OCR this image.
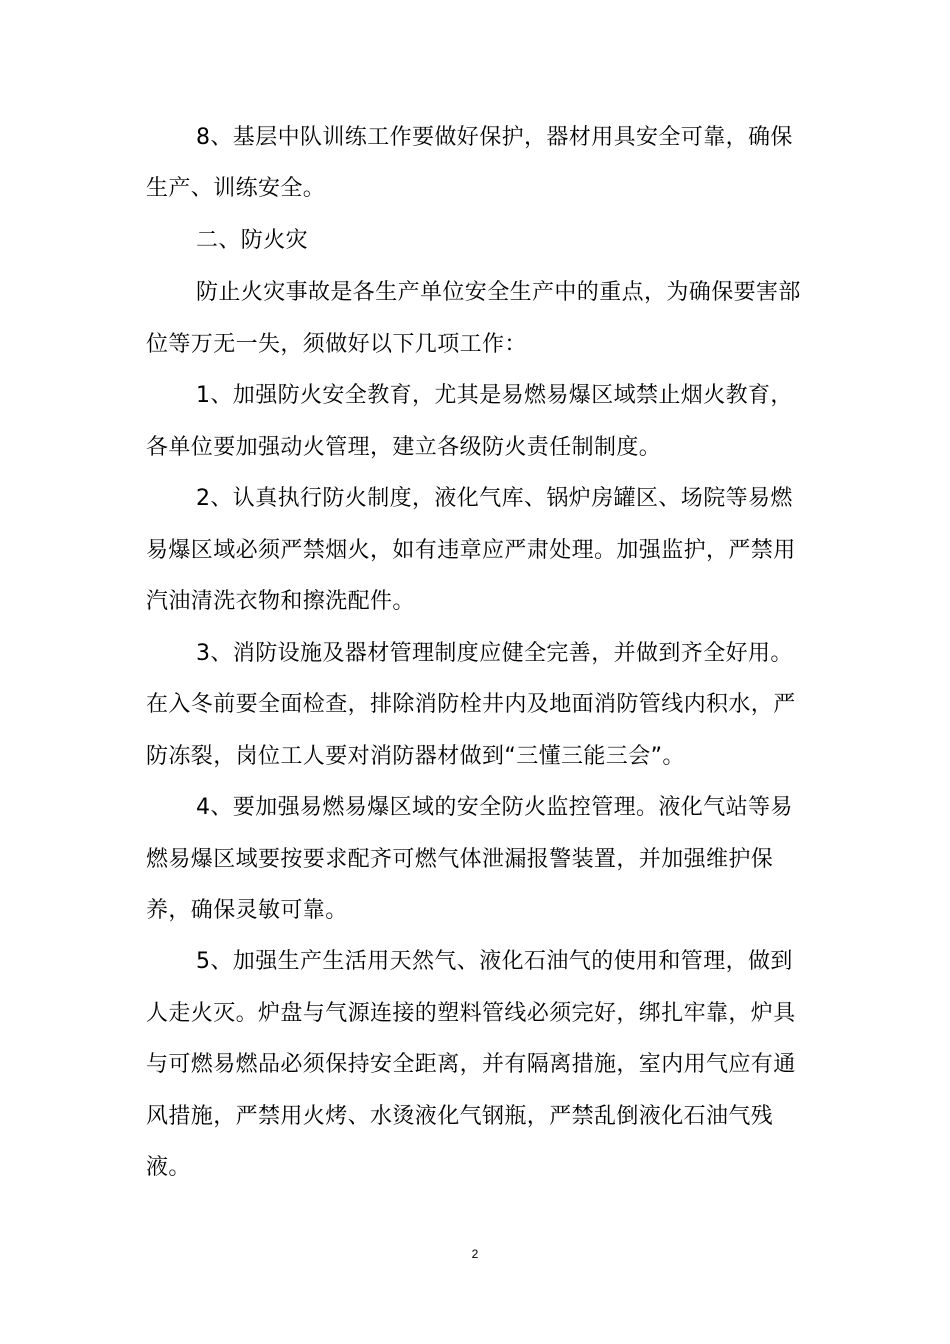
8、基层中队训练工作要做好保护，器材用具安全可靠，确保
生产、训练安全。
二、防火灾
防止火灾事故是各生产单位安全生产中的重点，为确保要害部
位等万无一失，须做好以下几项工作：
1、加强防火安全教育，尤其是易燃易爆区域禁止烟火教育，
各单位要加强动火管理，建立各级防火责任制制度。
2、认真执行防火制度，液化气库、锅炉房罐区、场院等易燃
易爆区域必须严禁烟火，如有违章应严肃处理。加强监护，严禁用
汽油清洗衣物和擦洗配件。
3、消防设施及器材管理制度应健全完善，并做到齐全好用。
在入冬前要全面检查，排除消防栓井内及地面消防管线内积水，严
防冻裂，岗位工人要对消防器材做到“三懂三能三会”。
4、要加强易燃易爆区域的安全防火监控管理。液化气站等易
燃易爆区域要按要求配齐可燃气体泄漏报警装置，并加强维护保
养，确保灵敏可靠。
5、加强生产生活用天然气、液化石油气的使用和管理，做到
人走火灭。炉盘与气源连接的塑料管线必须完好，绑扎牢靠，炉具
与可燃易燃品必须保持安全距离，并有隔离措施，室内用气应有通
风措施，严禁用火烤、水烫液化气钢瓶，严禁乱倒液化石油气残
液。
2
